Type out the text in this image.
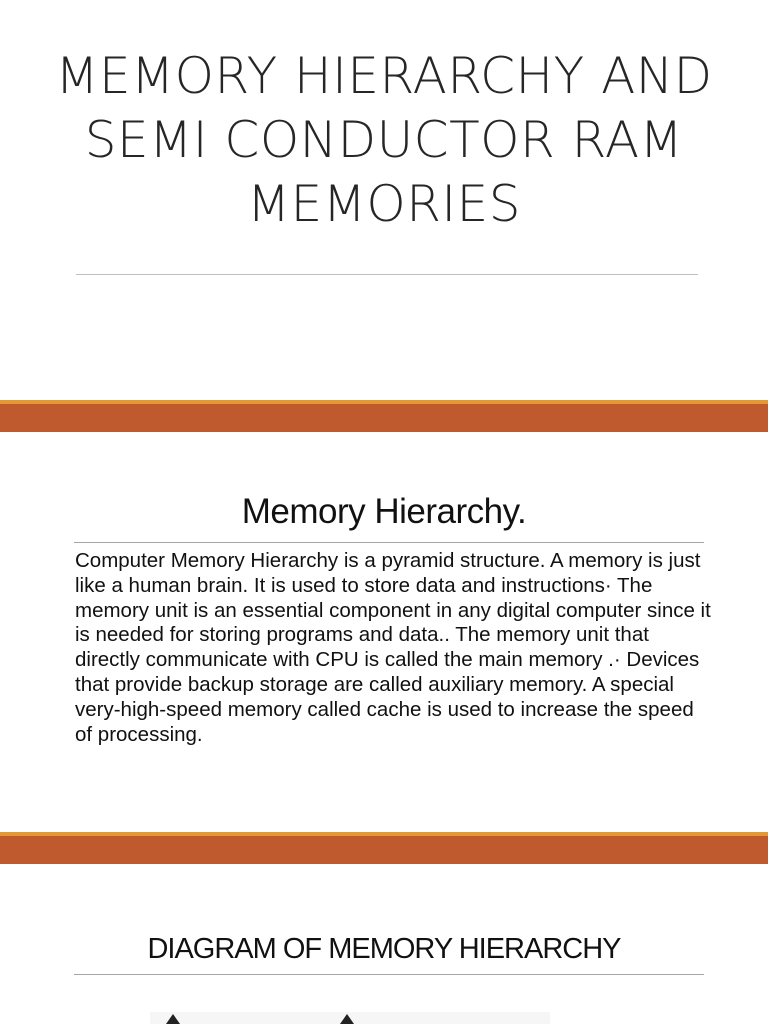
MEMORY HIERARCHY AND SEMI CONDUCTOR RAM MEMORIES
Memory Hierarchy.
Computer Memory Hierarchy is a pyramid structure. A memory is just like a human brain. It is used to store data and instructions· The memory unit is an essential component in any digital computer since it is needed for storing programs and data.. The memory unit that directly communicate with CPU is called the main memory .· Devices that provide backup storage are called auxiliary memory. A special very-high-speed memory called cache is used to increase the speed of processing.
DIAGRAM OF MEMORY HIERARCHY
